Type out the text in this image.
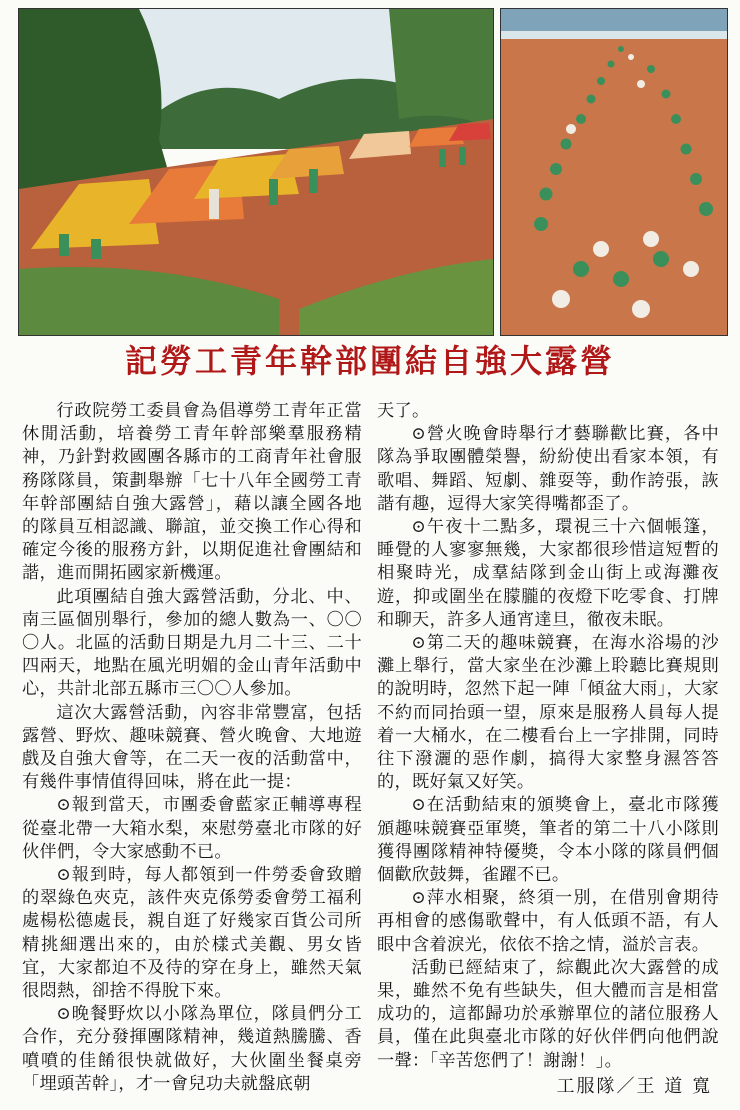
記勞工青年幹部團結自強大露營

行政院勞工委員會為倡導勞工青年正當休閒活動，培養勞工青年幹部樂羣服務精神，乃針對救國團各縣市的工商青年社會服務隊隊員，策劃舉辦「七十八年全國勞工青年幹部團結自強大露營」，藉以讓全國各地的隊員互相認識、聯誼，並交換工作心得和確定今後的服務方針，以期促進社會團結和諧，進而開拓國家新機運。

此項團結自強大露營活動，分北、中、南三區個別舉行，參加的總人數為一、〇〇〇人。北區的活動日期是九月二十三、二十四兩天，地點在風光明媚的金山青年活動中心，共計北部五縣市三〇〇人參加。

這次大露營活動，內容非常豐富，包括露營、野炊、趣味競賽、營火晚會、大地遊戲及自強大會等，在二天一夜的活動當中，有幾件事情值得回味，將在此一提：

⊙報到當天，市團委會藍家正輔導專程從臺北帶一大箱水梨，來慰勞臺北市隊的好伙伴們，令大家感動不已。

⊙報到時，每人都領到一件勞委會致贈的翠綠色夾克，該件夾克係勞委會勞工福利處楊松德處長，親自逛了好幾家百貨公司所精挑細選出來的，由於樣式美觀、男女皆宜，大家都迫不及待的穿在身上，雖然天氣很悶熱，卻捨不得脫下來。

⊙晚餐野炊以小隊為單位，隊員們分工合作，充分發揮團隊精神，幾道熱騰騰、香噴噴的佳餚很快就做好，大伙圍坐餐桌旁「埋頭苦幹」，才一會兒功夫就盤底朝

天了。

⊙營火晚會時舉行才藝聯歡比賽，各中隊為爭取團體榮譽，紛紛使出看家本領，有歌唱、舞蹈、短劇、雜耍等，動作誇張，詼諧有趣，逗得大家笑得嘴都歪了。

⊙午夜十二點多，環視三十六個帳篷，睡覺的人寥寥無幾，大家都很珍惜這短暫的相聚時光，成羣結隊到金山街上或海灘夜遊，抑或圍坐在朦朧的夜燈下吃零食、打牌和聊天，許多人通宵達旦，徹夜未眠。

⊙第二天的趣味競賽，在海水浴場的沙灘上舉行，當大家坐在沙灘上聆聽比賽規則的說明時，忽然下起一陣「傾盆大雨」，大家不約而同抬頭一望，原來是服務人員每人提着一大桶水，在二樓看台上一字排開，同時往下潑灑的惡作劇，搞得大家整身濕答答的，既好氣又好笑。

⊙在活動結束的頒獎會上，臺北市隊獲頒趣味競賽亞軍獎，筆者的第二十八小隊則獲得團隊精神特優獎，令本小隊的隊員們個個歡欣鼓舞，雀躍不已。

⊙萍水相聚，終須一別，在借別會期待再相會的感傷歌聲中，有人低頭不語，有人眼中含着淚光，依依不捨之情，溢於言表。

活動已經結束了，綜觀此次大露營的成果，雖然不免有些缺失，但大體而言是相當成功的，這都歸功於承辦單位的諸位服務人員，僅在此與臺北市隊的好伙伴們向他們說一聲：「辛苦您們了！謝謝！」。

工服隊／王 道 寬
